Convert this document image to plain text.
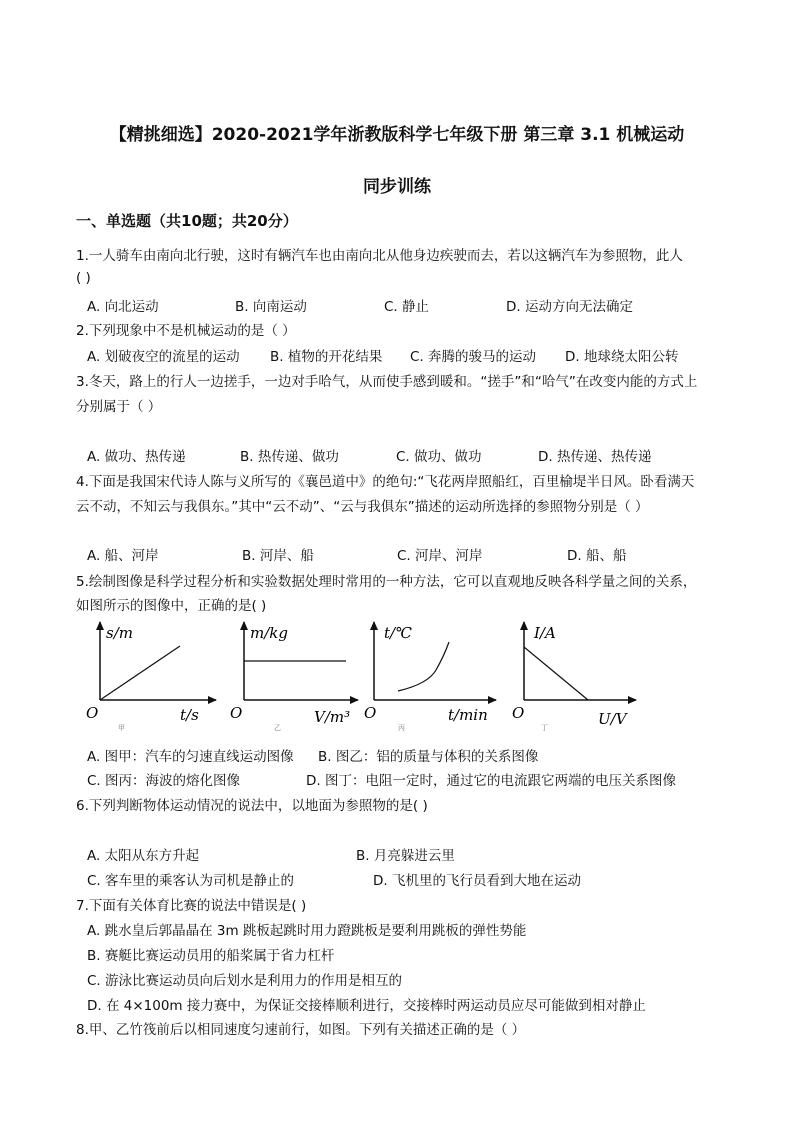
【精挑细选】2020-2021学年浙教版科学七年级下册 第三章 3.1 机械运动
同步训练
一、单选题（共10题；共20分）
1.一人骑车由南向北行驶，这时有辆汽车也由南向北从他身边疾驶而去，若以这辆汽车为参照物，此人
( )
A. 向北运动	B. 向南运动	C. 静止	D. 运动方向无法确定
2.下列现象中不是机械运动的是（ ）
A. 划破夜空的流星的运动 B. 植物的开花结果 C. 奔腾的骏马的运动 D. 地球绕太阳公转
3.冬天，路上的行人一边搓手，一边对手哈气，从而使手感到暖和。“搓手”和“哈气”在改变内能的方式上
分别属于（ ）
A. 做功、热传递	B. 热传递、做功	C. 做功、做功	D. 热传递、热传递
4.下面是我国宋代诗人陈与义所写的《襄邑道中》的绝句:“飞花两岸照船红，百里榆堤半日风。卧看满天
云不动，不知云与我俱东。”其中“云不动”、“云与我俱东”描述的运动所选择的参照物分别是（ ）
A. 船、河岸	B. 河岸、船	C. 河岸、河岸	D. 船、船
5.绘制图像是科学过程分析和实验数据处理时常用的一种方法，它可以直观地反映各科学量之间的关系，
如图所示的图像中，正确的是( )
s/m
t/s
O
甲
m/kg
V/m³
O
乙
t/℃
t/min
O
丙
I/A
U/V
O
丁
A. 图甲：汽车的匀速直线运动图像 B. 图乙：铝的质量与体积的关系图像
C. 图丙：海波的熔化图像	D. 图丁：电阻一定时，通过它的电流跟它两端的电压关系图像
6.下列判断物体运动情况的说法中，以地面为参照物的是( )
A. 太阳从东方升起	B. 月亮躲进云里
C. 客车里的乘客认为司机是静止的	D. 飞机里的飞行员看到大地在运动
7.下面有关体育比赛的说法中错误是( )
A. 跳水皇后郭晶晶在 3m 跳板起跳时用力蹬跳板是要利用跳板的弹性势能
B. 赛艇比赛运动员用的船桨属于省力杠杆
C. 游泳比赛运动员向后划水是利用力的作用是相互的
D. 在 4×100m 接力赛中，为保证交接棒顺利进行，交接棒时两运动员应尽可能做到相对静止
8.甲、乙竹筏前后以相同速度匀速前行，如图。下列有关描述正确的是（ ）
